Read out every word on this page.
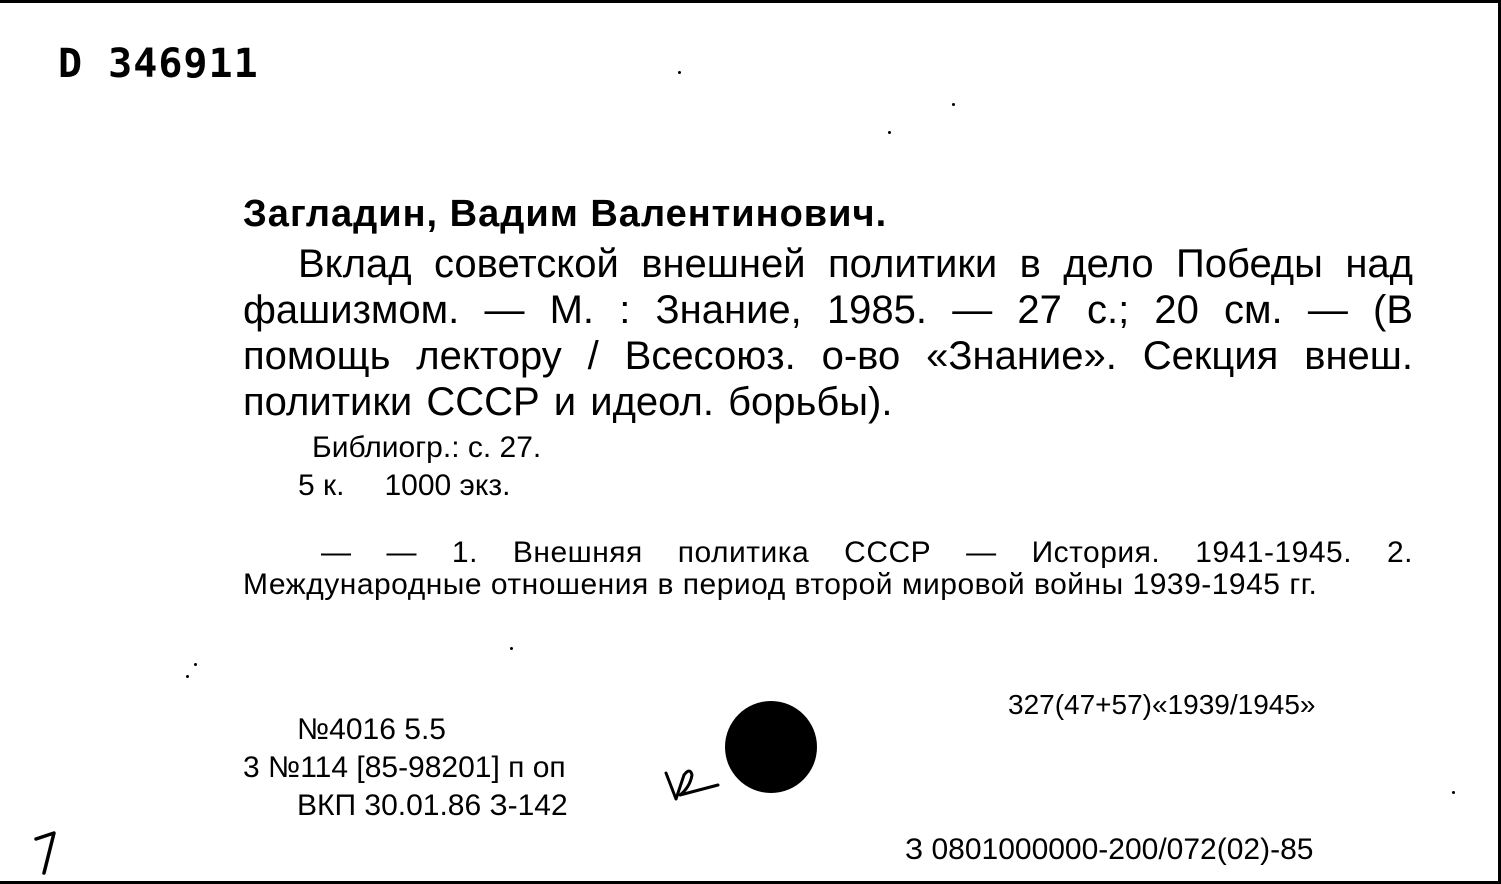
D 346911
Загладин, Вадим Валентинович.
Вклад советской внешней политики в дело Победы над фашизмом. — М. : Знание, 1985. — 27 с.; 20 см. — (В помощь лектору / Всесоюз. о-во «Знание». Секция внеш. политики СССР и идеол. борьбы).
Библиогр.: с. 27.
5 к. 1000 экз.
— — 1. Внешняя политика СССР — История. 1941-1945. 2. Международные отношения в период второй мировой войны 1939-1945 гг.
327(47+57)«1939/1945»
№4016 5.5
3 №114 [85-98201] п оп
ВКП 30.01.86 З-142
З 0801000000-200/072(02)-85
